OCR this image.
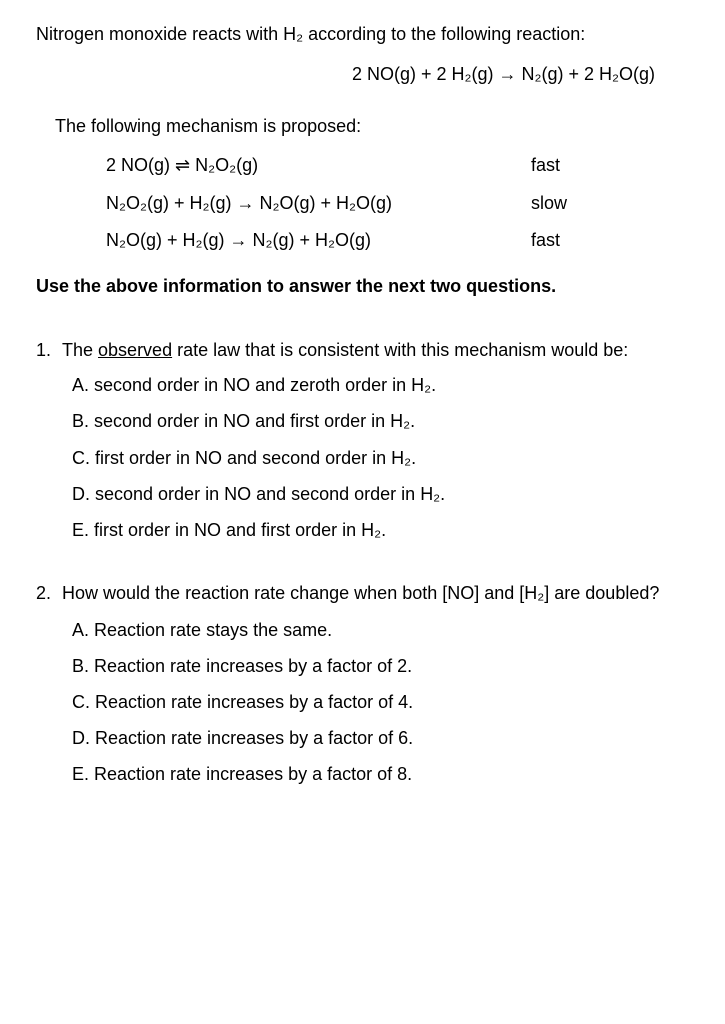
Nitrogen monoxide reacts with H₂ according to the following reaction:
2 NO(g) + 2 H₂(g) → N₂(g) + 2 H₂O(g)
The following mechanism is proposed:
2 NO(g) ⇌ N₂O₂(g)	fast
N₂O₂(g) + H₂(g) → N₂O(g) + H₂O(g)	slow
N₂O(g) + H₂(g) → N₂(g) + H₂O(g)	fast
Use the above information to answer the next two questions.
1. The observed rate law that is consistent with this mechanism would be:
A. second order in NO and zeroth order in H₂.
B. second order in NO and first order in H₂.
C. first order in NO and second order in H₂.
D. second order in NO and second order in H₂.
E. first order in NO and first order in H₂.
2. How would the reaction rate change when both [NO] and [H₂] are doubled?
A. Reaction rate stays the same.
B. Reaction rate increases by a factor of 2.
C. Reaction rate increases by a factor of 4.
D. Reaction rate increases by a factor of 6.
E. Reaction rate increases by a factor of 8.
